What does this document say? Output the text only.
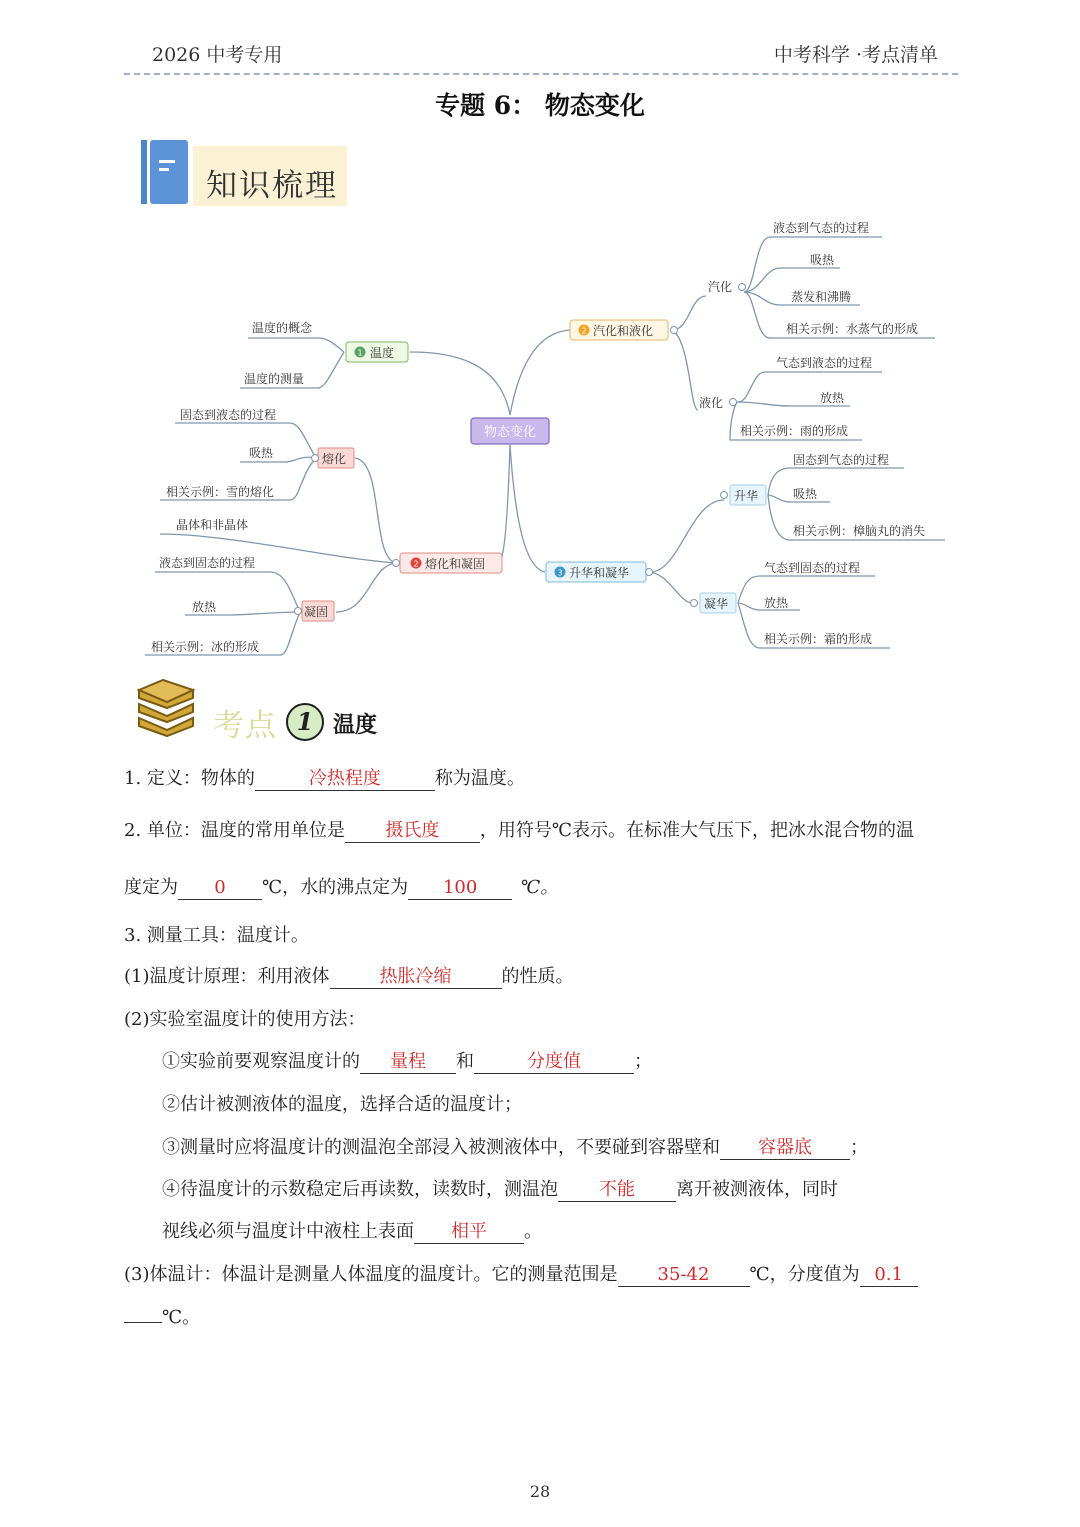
2026 中考专用	中考科学 ·考点清单
专题 6： 物态变化
知识梳理
物态变化
1 温度
温度的概念
温度的测量
2 汽化和液化
汽化
液态到气态的过程
吸热
蒸发和沸腾
相关示例：水蒸气的形成
液化
气态到液态的过程
放热
相关示例：雨的形成
2 熔化和凝固
熔化
固态到液态的过程
吸热
相关示例：雪的熔化
晶体和非晶体
凝固
液态到固态的过程
放热
相关示例：冰的形成
3 升华和凝华
升华
固态到气态的过程
吸热
相关示例：樟脑丸的消失
凝华
气态到固态的过程
放热
相关示例：霜的形成
考点 1 温度
1. 定义：物体的	冷热程度	称为温度。
2. 单位：温度的常用单位是 摄氏度 ，用符号℃表示。在标准大气压下，把冰水混合物的温
度定为 0 ℃，水的沸点定为 100 ℃。
3. 测量工具：温度计。
(1)温度计原理：利用液体	热胀冷缩	的性质。
(2)实验室温度计的使用方法：
①实验前要观察温度计的 量程 和	分度值	；
②估计被测液体的温度，选择合适的温度计；
③测量时应将温度计的测温泡全部浸入被测液体中，不要碰到容器壁和 容器底 ；
④待温度计的示数稳定后再读数，读数时，测温泡 不能 离开被测液体，同时
视线必须与温度计中液柱上表面 相平 。
(3)体温计：体温计是测量人体温度的温度计。它的测量范围是 35-42 ℃，分度值为 0.1
℃。
28
